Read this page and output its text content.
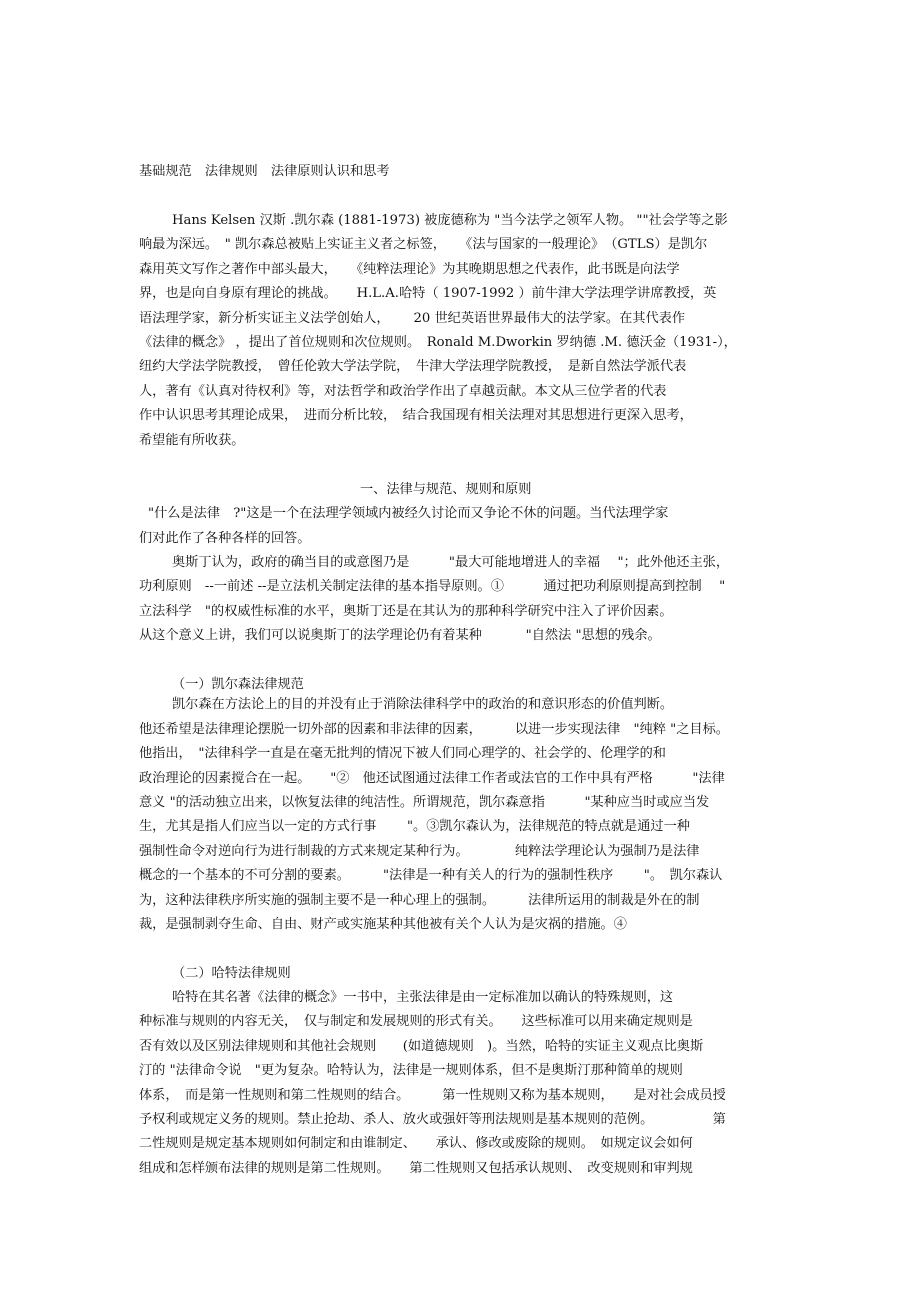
基础规范　法律规则　法律原则认识和思考
Hans Kelsen 汉斯 .凯尔森 (1881-1973) 被庞德称为 "当今法学之领军人物。 ""社会学等之影
响最为深远。　" 凯尔森总被贴上实证主义者之标签，　　《法与国家的一般理论》　（GTLS）是凯尔
森用英文写作之著作中部头最大，　　《纯粹法理论》为其晚期思想之代表作，此书既是向法学
界，也是向自身原有理论的挑战。　　H.L.A.哈特（ 1907-1992 ）前牛津大学法理学讲席教授，英
语法理学家，新分析实证主义法学创始人，　　 20 世纪英语世界最伟大的法学家。在其代表作
《法律的概念》 ，提出了首位规则和次位规则。　Ronald M.Dworkin 罗纳德 .M. 德沃金（1931-），
纽约大学法学院教授，　曾任伦敦大学法学院，　牛津大学法理学院教授，　是新自然法学派代表
人，著有《认真对待权利》等，对法哲学和政治学作出了卓越贡献。本文从三位学者的代表
作中认识思考其理论成果，　进而分析比较，　结合我国现有相关法理对其思想进行更深入思考，
希望能有所收获。
一、法律与规范、规则和原则
"什么是法律　?"这是一个在法理学领域内被经久讨论而又争论不休的问题。当代法理学家
们对此作了各种各样的回答。
奥斯丁认为，政府的确当目的或意图乃是　　　"最大可能地增进人的幸福　 "；此外他还主张，
功利原则　--一前述 --是立法机关制定法律的基本指导原则。①　　　通过把功利原则提高到控制　 "
立法科学　"的权威性标准的水平，奥斯丁还是在其认为的那种科学研究中注入了评价因素。
从这个意义上讲，我们可以说奥斯丁的法学理论仍有着某种　　　 "自然法 "思想的残余。
（一）凯尔森法律规范
凯尔森在方法论上的目的并没有止于消除法律科学中的政治的和意识形态的价值判断。
他还希望是法律理论摆脱一切外部的因素和非法律的因素，　　　以进一步实现法律　"纯粹 "之目标。
他指出，　"法律科学一直是在毫无批判的情况下被人们同心理学的、社会学的、伦理学的和
政治理论的因素搅合在一起。　　"②　他还试图通过法律工作者或法官的工作中具有严格　　　"法律
意义 "的活动独立出来，以恢复法律的纯洁性。所谓规范，凯尔森意指　　　"某种应当时或应当发
生，尤其是指人们应当以一定的方式行事　　 "。③凯尔森认为，法律规范的特点就是通过一种
强制性命令对逆向行为进行制裁的方式来规定某种行为。　　　　纯粹法学理论认为强制乃是法律
概念的一个基本的不可分割的要素。　　　"法律是一种有关人的行为的强制性秩序　　 "。　凯尔森认
为，这种法律秩序所实施的强制主要不是一种心理上的强制。　　　法律所运用的制裁是外在的制
裁，是强制剥夺生命、自由、财产或实施某种其他被有关个人认为是灾祸的措施。④
（二）哈特法律规则
哈特在其名著《法律的概念》一书中，主张法律是由一定标准加以确认的特殊规则，这
种标准与规则的内容无关，　仅与制定和发展规则的形式有关。　　这些标准可以用来确定规则是
否有效以及区别法律规则和其他社会规则　　(如道德规则　)。当然，哈特的实证主义观点比奥斯
汀的 "法律命令说　"更为复杂。哈特认为，法律是一规则体系，但不是奥斯汀那种简单的规则
体系，　而是第一性规则和第二性规则的结合。　　　第一性规则又称为基本规则，　　是对社会成员授
予权利或规定义务的规则。禁止抢劫、杀人、放火或强奸等刑法规则是基本规则的范例。　　　　　第
二性规则是规定基本规则如何制定和由谁制定、　　承认、修改或废除的规则。　如规定议会如何
组成和怎样颁布法律的规则是第二性规则。　　第二性规则又包括承认规则、　改变规则和审判规
